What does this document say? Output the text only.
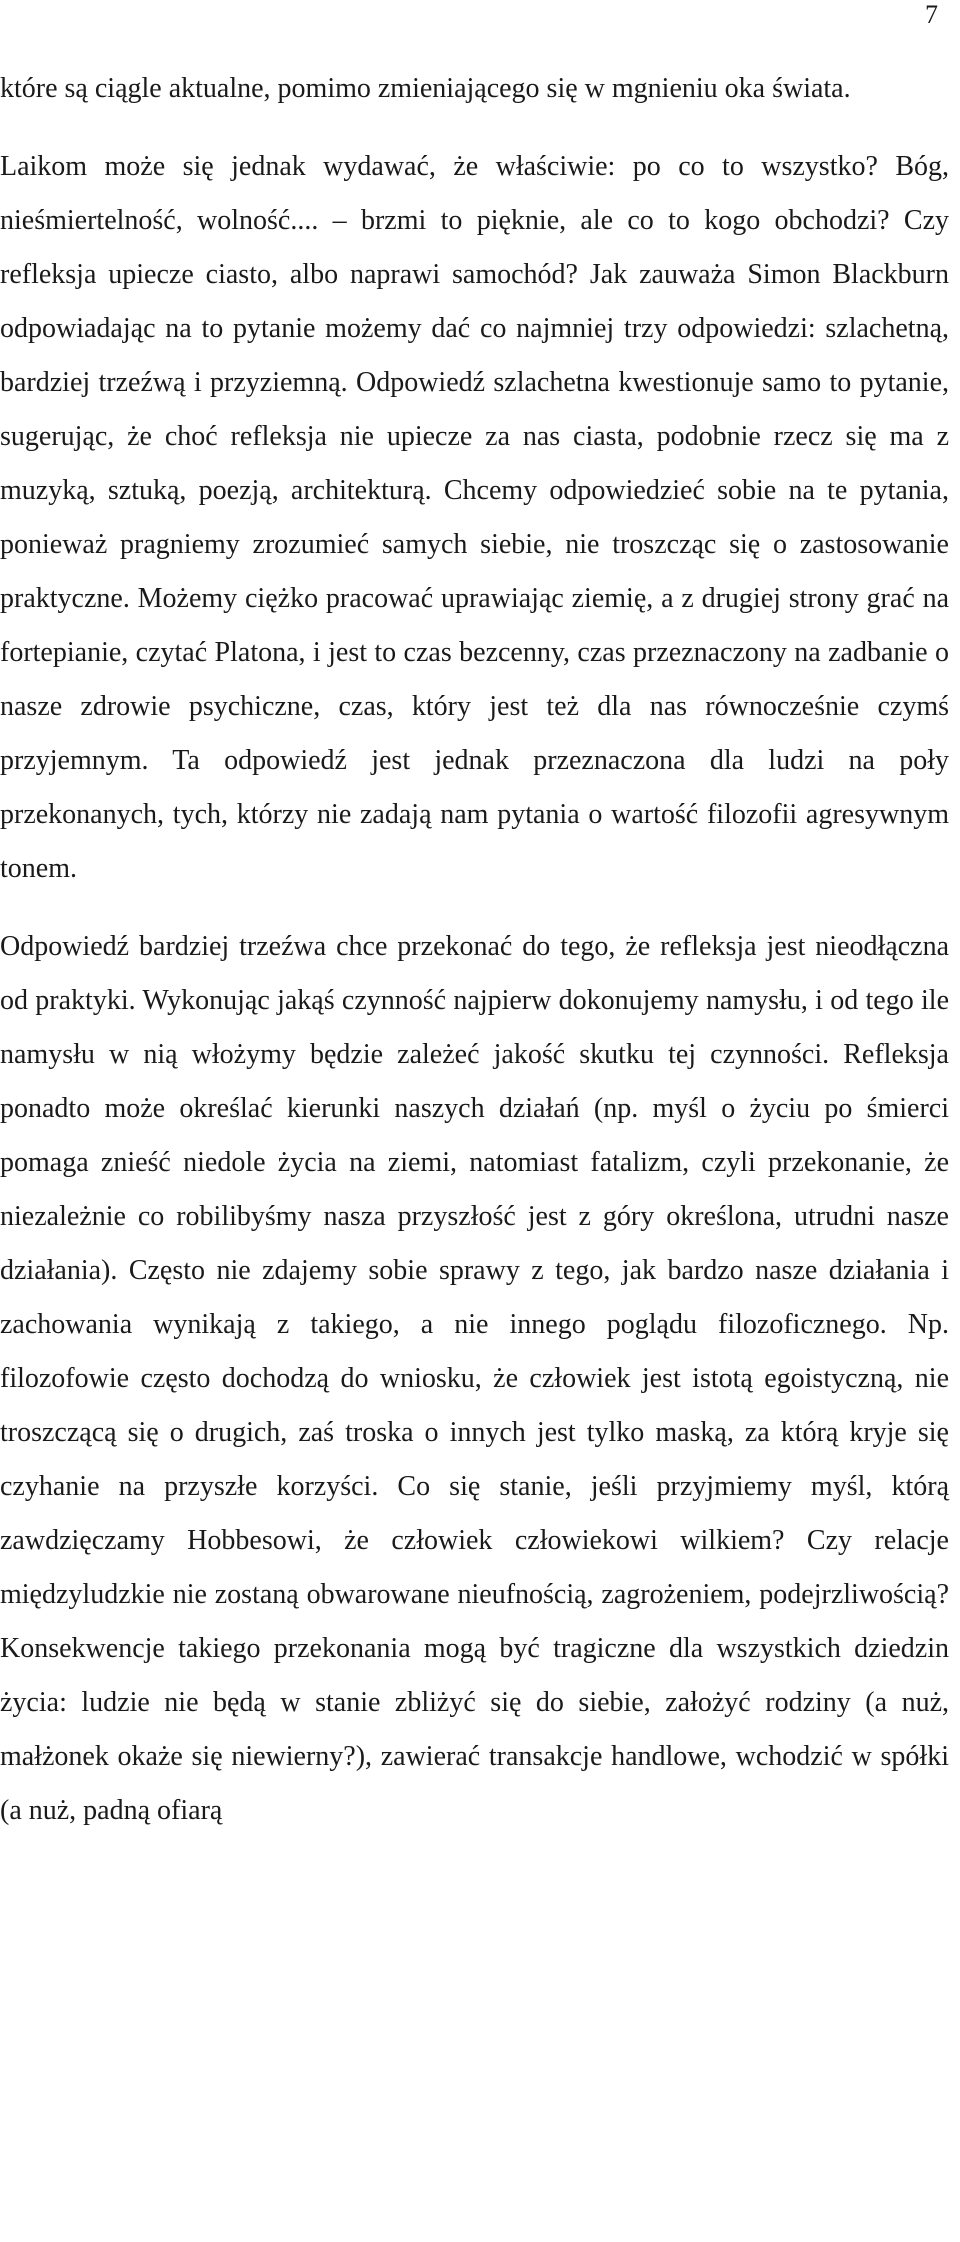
7

które są ciągle aktualne, pomimo zmieniającego się w mgnieniu oka świata.

Laikom może się jednak wydawać, że właściwie: po co to wszystko? Bóg, nieśmiertelność, wolność.... – brzmi to pięknie, ale co to kogo obchodzi? Czy refleksja upiecze ciasto, albo naprawi samochód? Jak zauważa Simon Blackburn odpowiadając na to pytanie możemy dać co najmniej trzy odpowiedzi: szlachetną, bardziej trzeźwą i przyziemną. Odpowiedź szlachetna kwestionuje samo to pytanie, sugerując, że choć refleksja nie upiecze za nas ciasta, podobnie rzecz się ma z muzyką, sztuką, poezją, architekturą. Chcemy odpowiedzieć sobie na te pytania, ponieważ pragniemy zrozumieć samych siebie, nie troszcząc się o zastosowanie praktyczne. Możemy ciężko pracować uprawiając ziemię, a z drugiej strony grać na fortepianie, czytać Platona, i jest to czas bezcenny, czas przeznaczony na zadbanie o nasze zdrowie psychiczne, czas, który jest też dla nas równocześnie czymś przyjemnym. Ta odpowiedź jest jednak przeznaczona dla ludzi na poły przekonanych, tych, którzy nie zadają nam pytania o wartość filozofii agresywnym tonem.

Odpowiedź bardziej trzeźwa chce przekonać do tego, że refleksja jest nieodłączna od praktyki. Wykonując jakąś czynność najpierw dokonujemy namysłu, i od tego ile namysłu w nią włożymy będzie zależeć jakość skutku tej czynności. Refleksja ponadto może określać kierunki naszych działań (np. myśl o życiu po śmierci pomaga znieść niedole życia na ziemi, natomiast fatalizm, czyli przekonanie, że niezależnie co robilibyśmy nasza przyszłość jest z góry określona, utrudni nasze działania). Często nie zdajemy sobie sprawy z tego, jak bardzo nasze działania i zachowania wynikają z takiego, a nie innego poglądu filozoficznego. Np. filozofowie często dochodzą do wniosku, że człowiek jest istotą egoistyczną, nie troszczącą się o drugich, zaś troska o innych jest tylko maską, za którą kryje się czyhanie na przyszłe korzyści. Co się stanie, jeśli przyjmiemy myśl, którą zawdzięczamy Hobbesowi, że człowiek człowiekowi wilkiem? Czy relacje międzyludzkie nie zostaną obwarowane nieufnością, zagrożeniem, podejrzliwością? Konsekwencje takiego przekonania mogą być tragiczne dla wszystkich dziedzin życia: ludzie nie będą w stanie zbliżyć się do siebie, założyć rodziny (a nuż, małżonek okaże się niewierny?), zawierać transakcje handlowe, wchodzić w spółki (a nuż, padną ofiarą
